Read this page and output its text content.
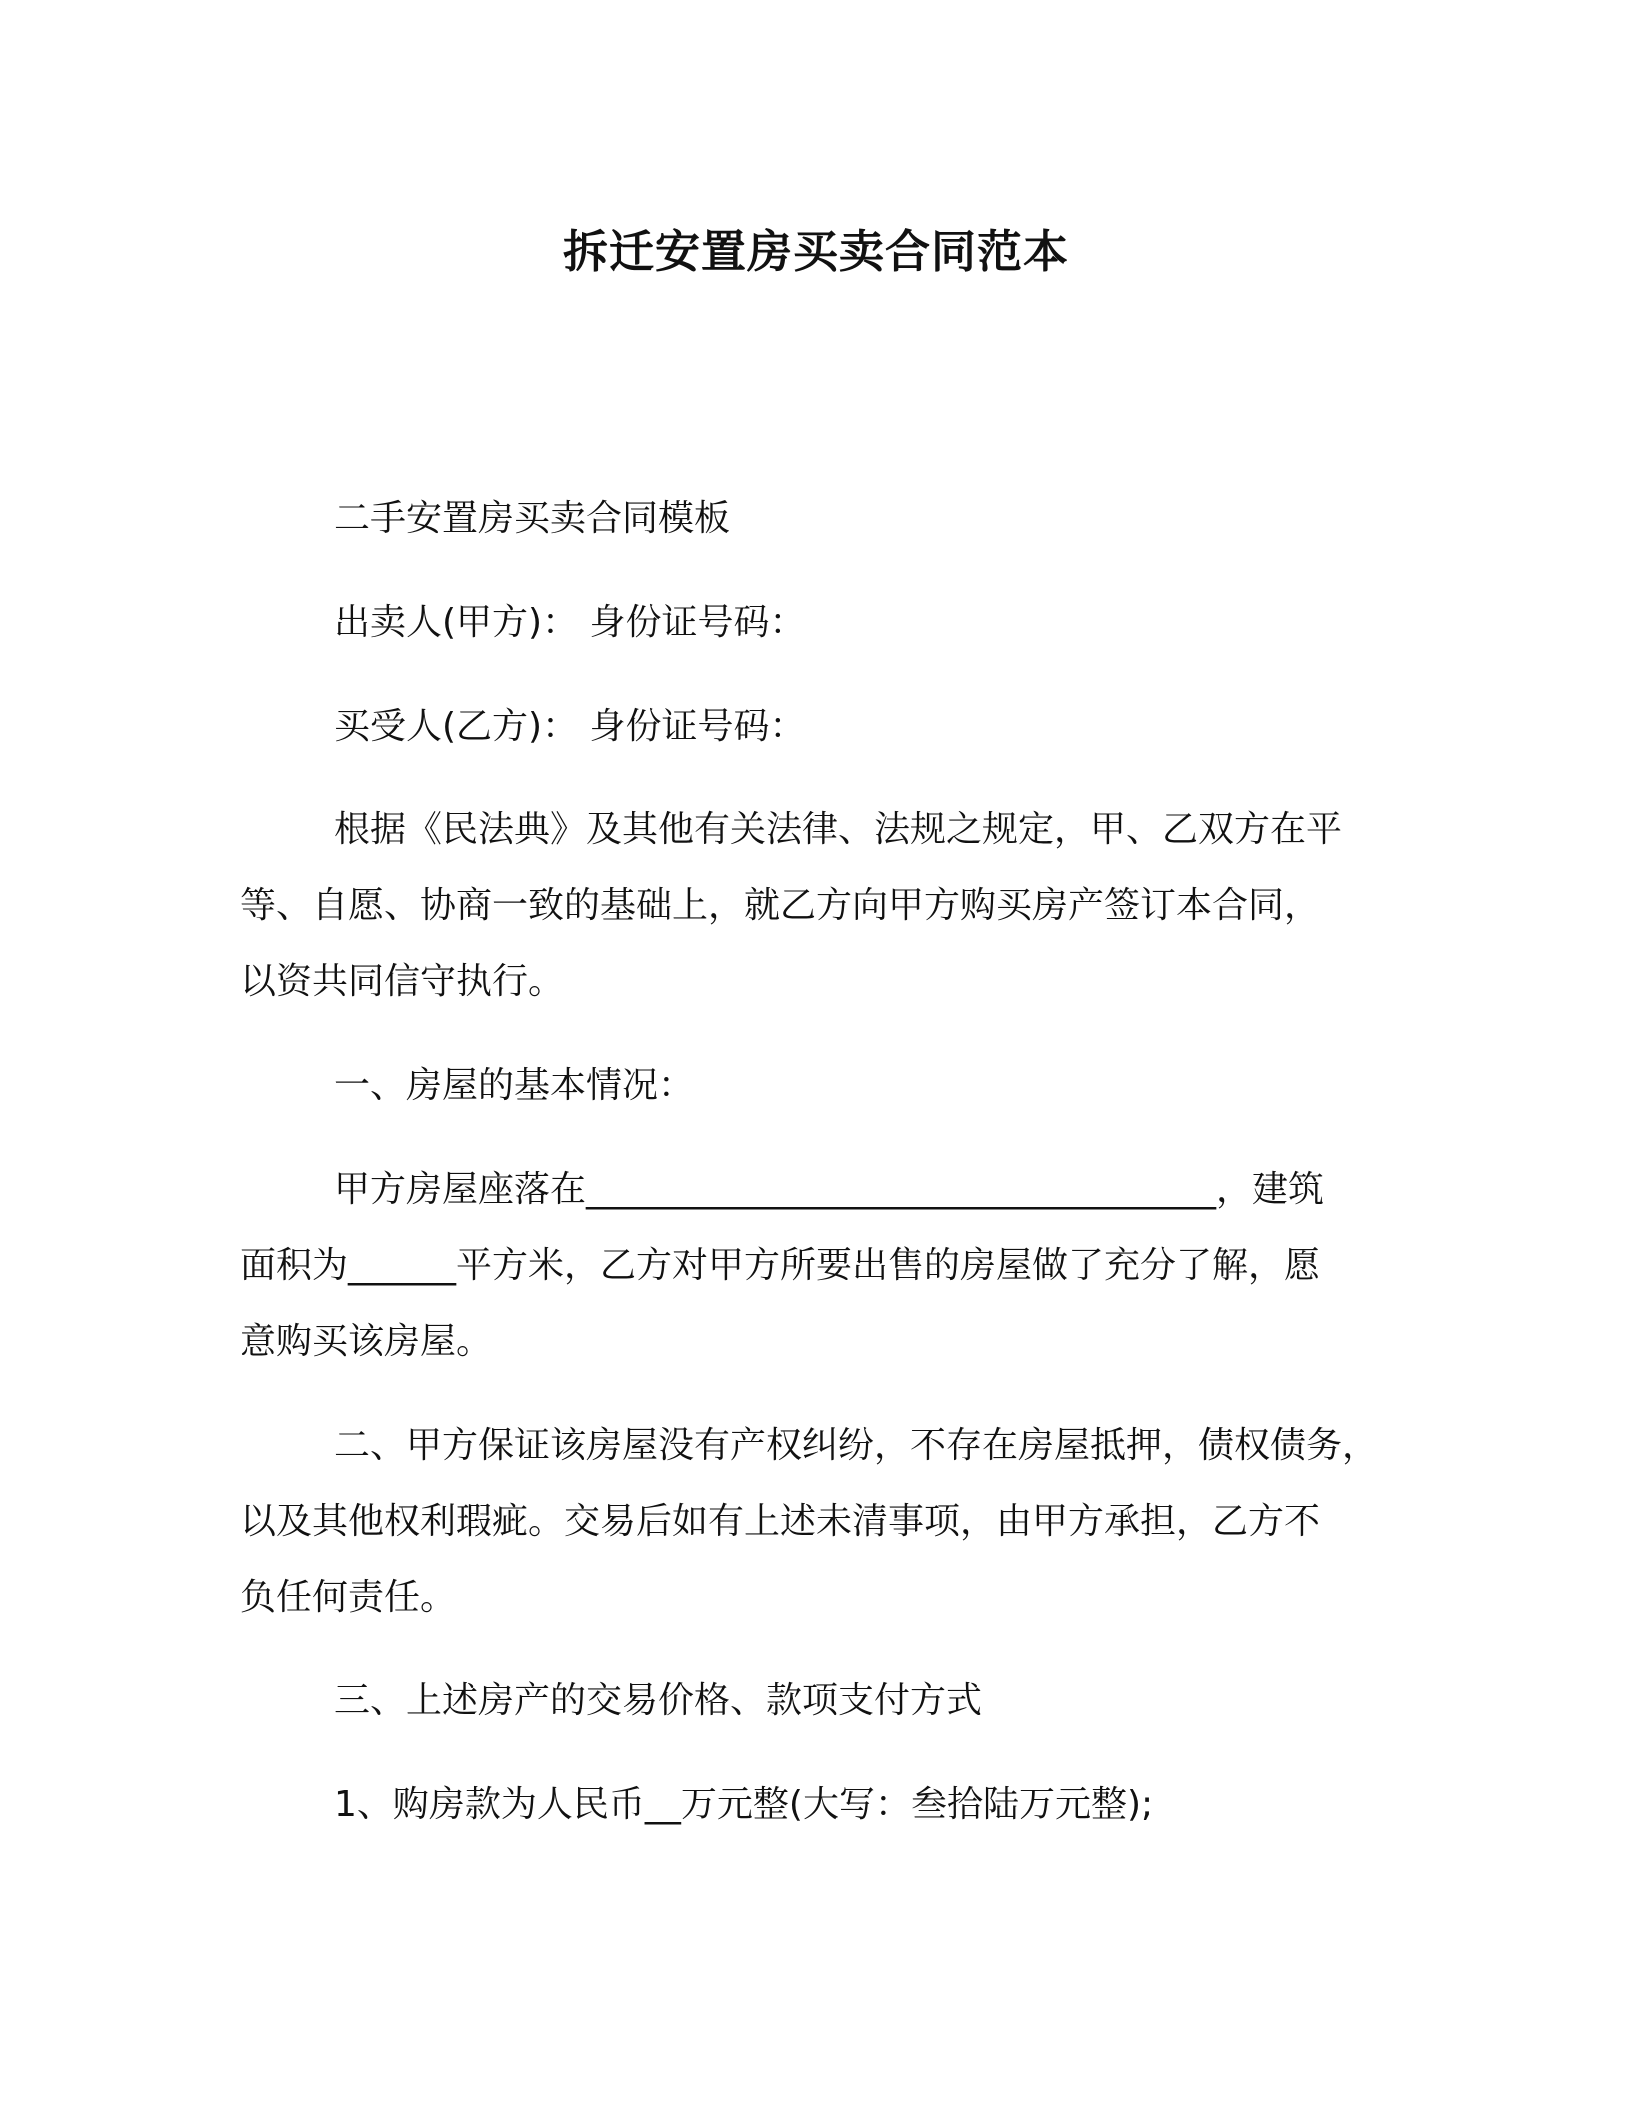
拆迁安置房买卖合同范本
二手安置房买卖合同模板
出卖人(甲方)： 身份证号码：
买受人(乙方)： 身份证号码：
根据《民法典》及其他有关法律、法规之规定，甲、乙双方在平
等、自愿、协商一致的基础上，就乙方向甲方购买房产签订本合同，
以资共同信守执行。
一、房屋的基本情况：
甲方房屋座落在___________________________________，建筑
面积为______平方米，乙方对甲方所要出售的房屋做了充分了解，愿
意购买该房屋。
二、甲方保证该房屋没有产权纠纷，不存在房屋抵押，债权债务，
以及其他权利瑕疵。交易后如有上述未清事项，由甲方承担，乙方不
负任何责任。
三、上述房产的交易价格、款项支付方式
1、购房款为人民币__万元整(大写：叁拾陆万元整);
